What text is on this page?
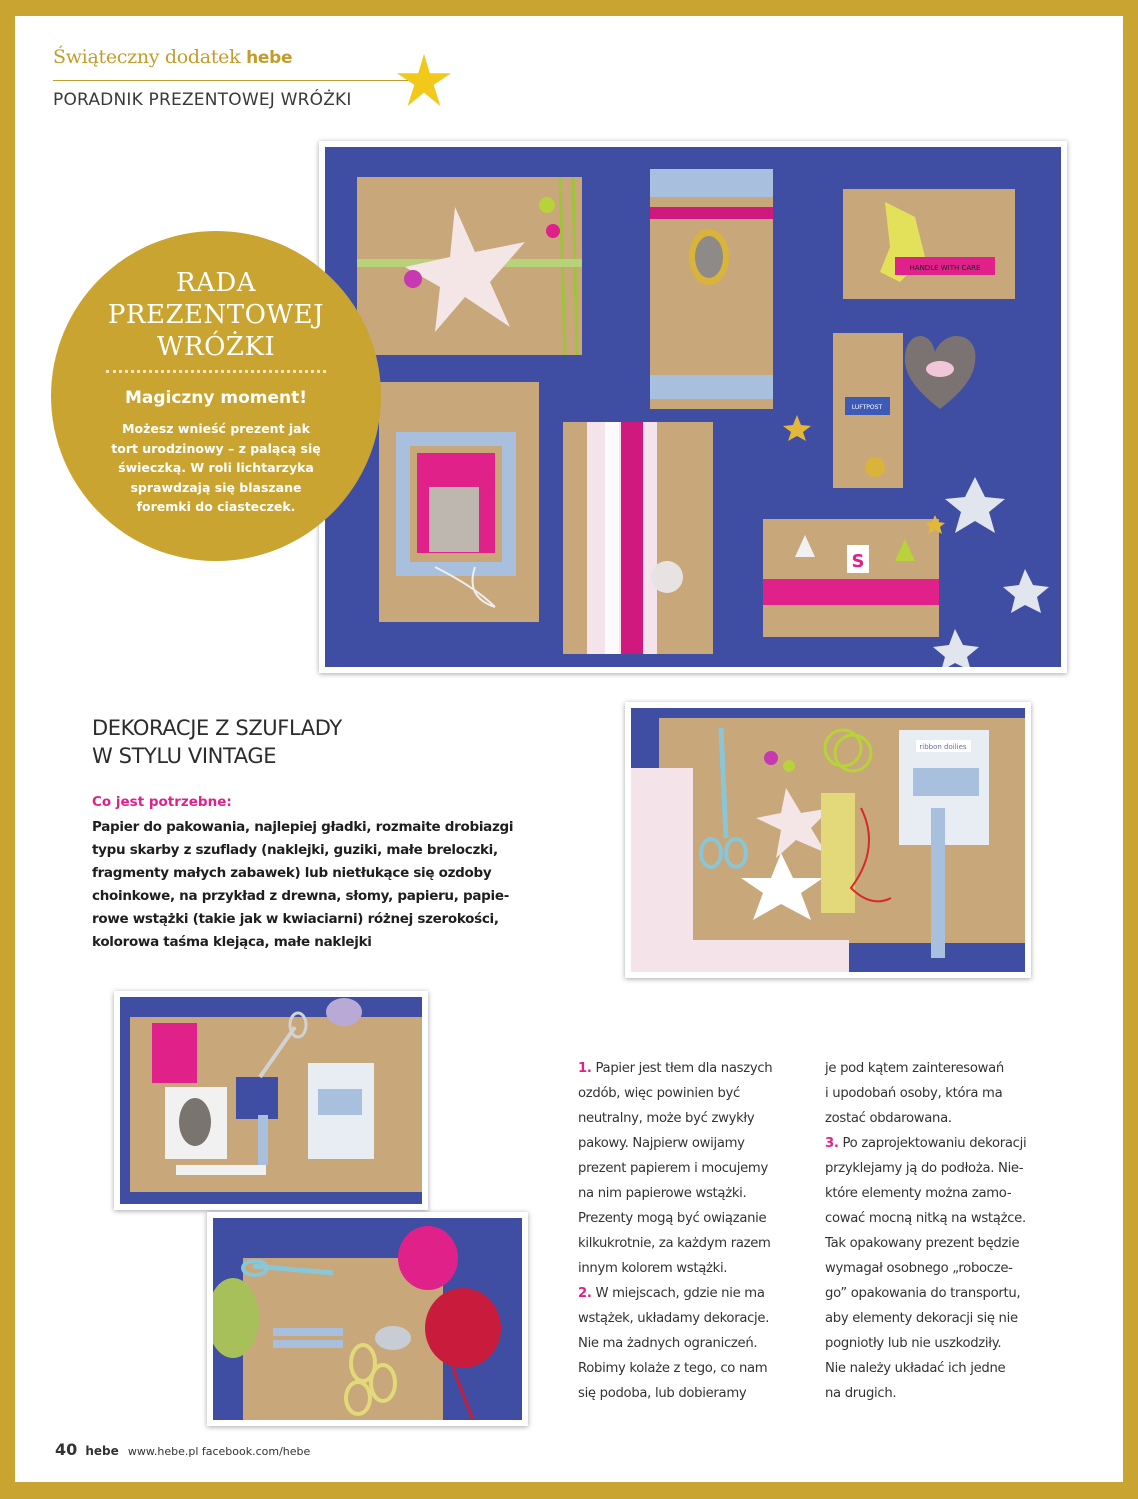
Świąteczny dodatek hebe
PORADNIK PREZENTOWEJ WRÓŻKI
HANDLE WITH CARE
LUFTPOST
S
RADA
PREZENTOWEJ
WRÓŻKI
Magiczny moment!
Możesz wnieść prezent jak
tort urodzinowy – z palącą się
świeczką. W roli lichtarzyka
sprawdzają się blaszane
foremki do ciasteczek.
DEKORACJE Z SZUFLADY
W STYLU VINTAGE
Co jest potrzebne:
Papier do pakowania, najlepiej gładki, rozmaite drobiazgi
typu skarby z szuflady (naklejki, guziki, małe breloczki,
fragmenty małych zabawek) lub nietłukące się ozdoby
choinkowe, na przykład z drewna, słomy, papieru, papie-
rowe wstążki (takie jak w kwiaciarni) różnej szerokości,
kolorowa taśma klejąca, małe naklejki
ribbon doilies

1. Papier jest tłem dla naszych
ozdób, więc powinien być
neutralny, może być zwykły
pakowy. Najpierw owijamy
prezent papierem i mocujemy
na nim papierowe wstążki.
Prezenty mogą być owiązanie
kilkukrotnie, za każdym razem
innym kolorem wstążki.

2. W miejscach, gdzie nie ma
wstążek, układamy dekoracje.
Nie ma żadnych ograniczeń.
Robimy kolaże z tego, co nam
się podoba, lub dobieramy

je pod kątem zainteresowań
i upodobań osoby, która ma
zostać obdarowana.

3. Po zaprojektowaniu dekoracji
przyklejamy ją do podłoża. Nie-
które elementy można zamo-
cować mocną nitką na wstążce.
Tak opakowany prezent będzie
wymagał osobnego „robocze-
go” opakowania do transportu,
aby elementy dekoracji się nie
pogniotły lub nie uszkodziły.
Nie należy układać ich jedne
na drugich.

40 hebe www.hebe.pl facebook.com/hebe
